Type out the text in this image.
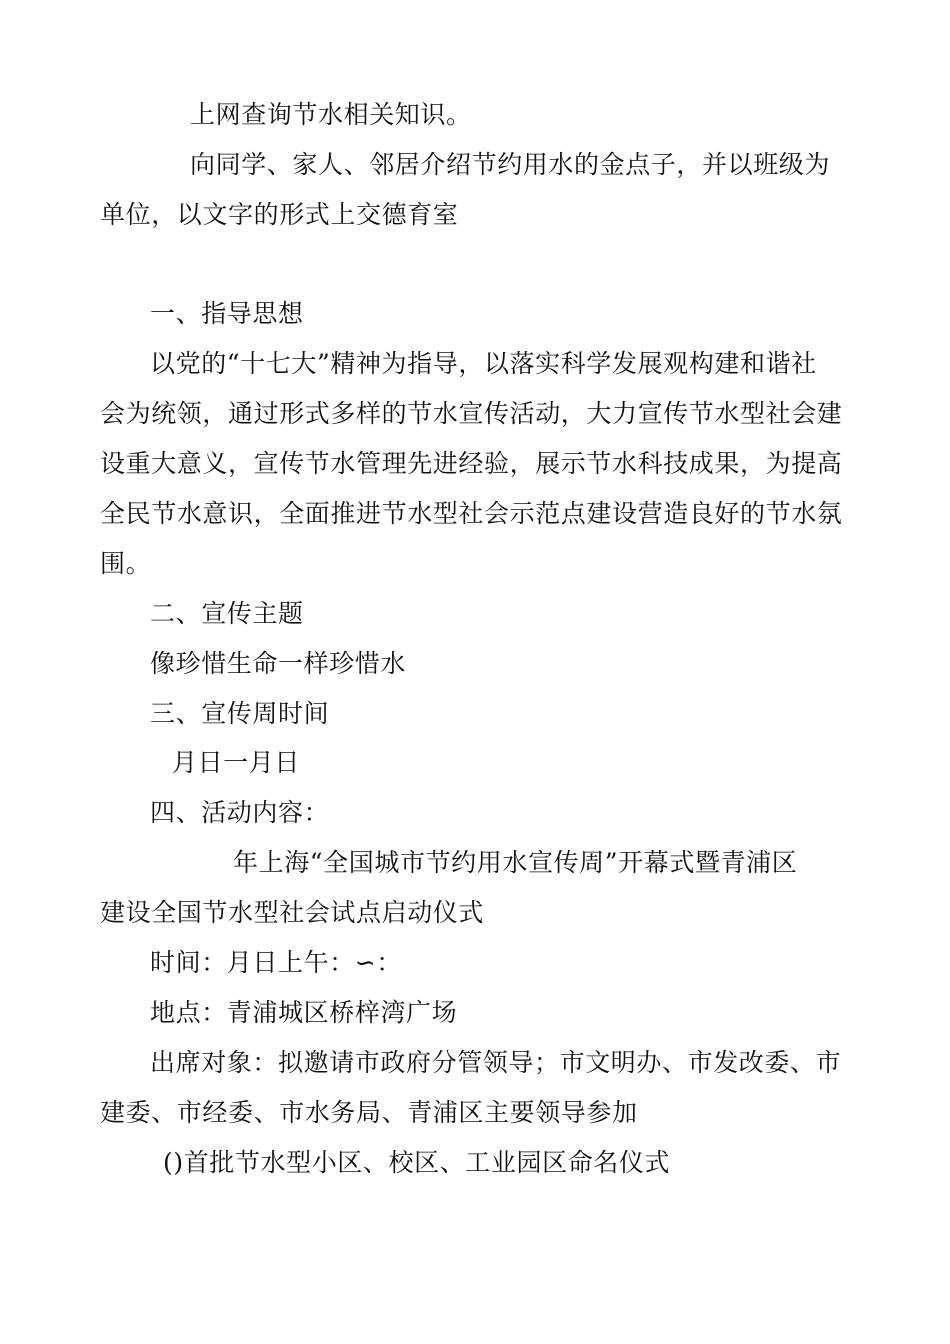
上网查询节水相关知识。
向同学、家人、邻居介绍节约用水的金点子，并以班级为
单位，以文字的形式上交德育室
一、指导思想
以党的“十七大”精神为指导，以落实科学发展观构建和谐社
会为统领，通过形式多样的节水宣传活动，大力宣传节水型社会建
设重大意义，宣传节水管理先进经验，展示节水科技成果，为提高
全民节水意识，全面推进节水型社会示范点建设营造良好的节水氛
围。
二、宣传主题
像珍惜生命一样珍惜水
三、宣传周时间
月日一月日
四、活动内容：
年上海“全国城市节约用水宣传周”开幕式暨青浦区
建设全国节水型社会试点启动仪式
时间：月日上午：∽：
地点：青浦城区桥梓湾广场
出席对象：拟邀请市政府分管领导；市文明办、市发改委、市
建委、市经委、市水务局、青浦区主要领导参加
()首批节水型小区、校区、工业园区命名仪式
